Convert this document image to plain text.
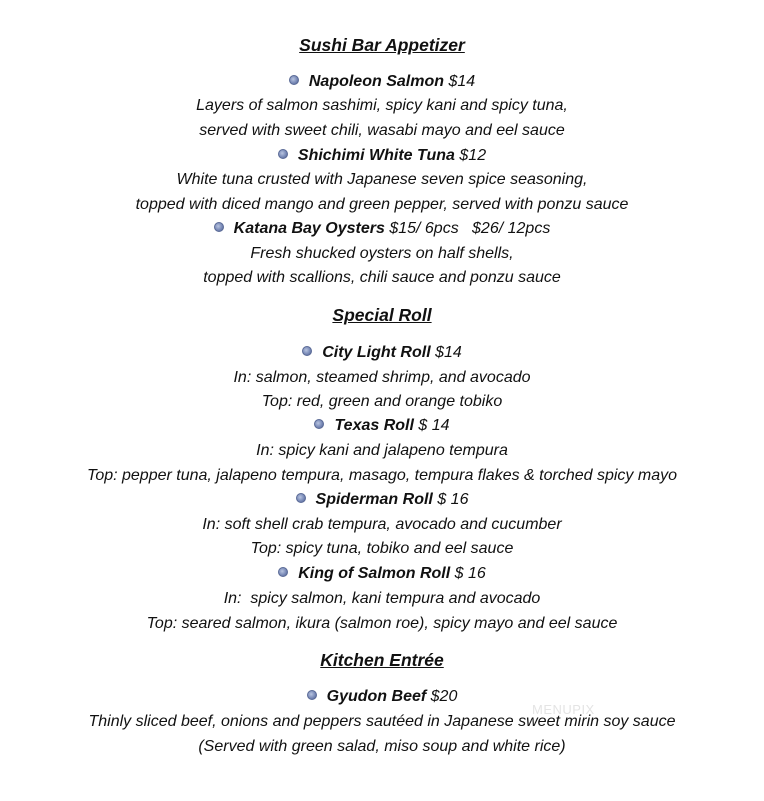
Sushi Bar Appetizer
Napoleon Salmon $14
Layers of salmon sashimi, spicy kani and spicy tuna,
served with sweet chili, wasabi mayo and eel sauce
Shichimi White Tuna $12
White tuna crusted with Japanese seven spice seasoning,
topped with diced mango and green pepper, served with ponzu sauce
Katana Bay Oysters $15/ 6pcs   $26/ 12pcs
Fresh shucked oysters on half shells,
topped with scallions, chili sauce and ponzu sauce
Special Roll
City Light Roll $14
In: salmon, steamed shrimp, and avocado
Top: red, green and orange tobiko
Texas Roll $ 14
In: spicy kani and jalapeno tempura
Top: pepper tuna, jalapeno tempura, masago, tempura flakes & torched spicy mayo
Spiderman Roll $ 16
In: soft shell crab tempura, avocado and cucumber
Top: spicy tuna, tobiko and eel sauce
King of Salmon Roll $ 16
In:  spicy salmon, kani tempura and avocado
Top: seared salmon, ikura (salmon roe), spicy mayo and eel sauce
Kitchen Entrée
Gyudon Beef $20
Thinly sliced beef, onions and peppers sautéed in Japanese sweet mirin soy sauce
(Served with green salad, miso soup and white rice)
MENUPIX
